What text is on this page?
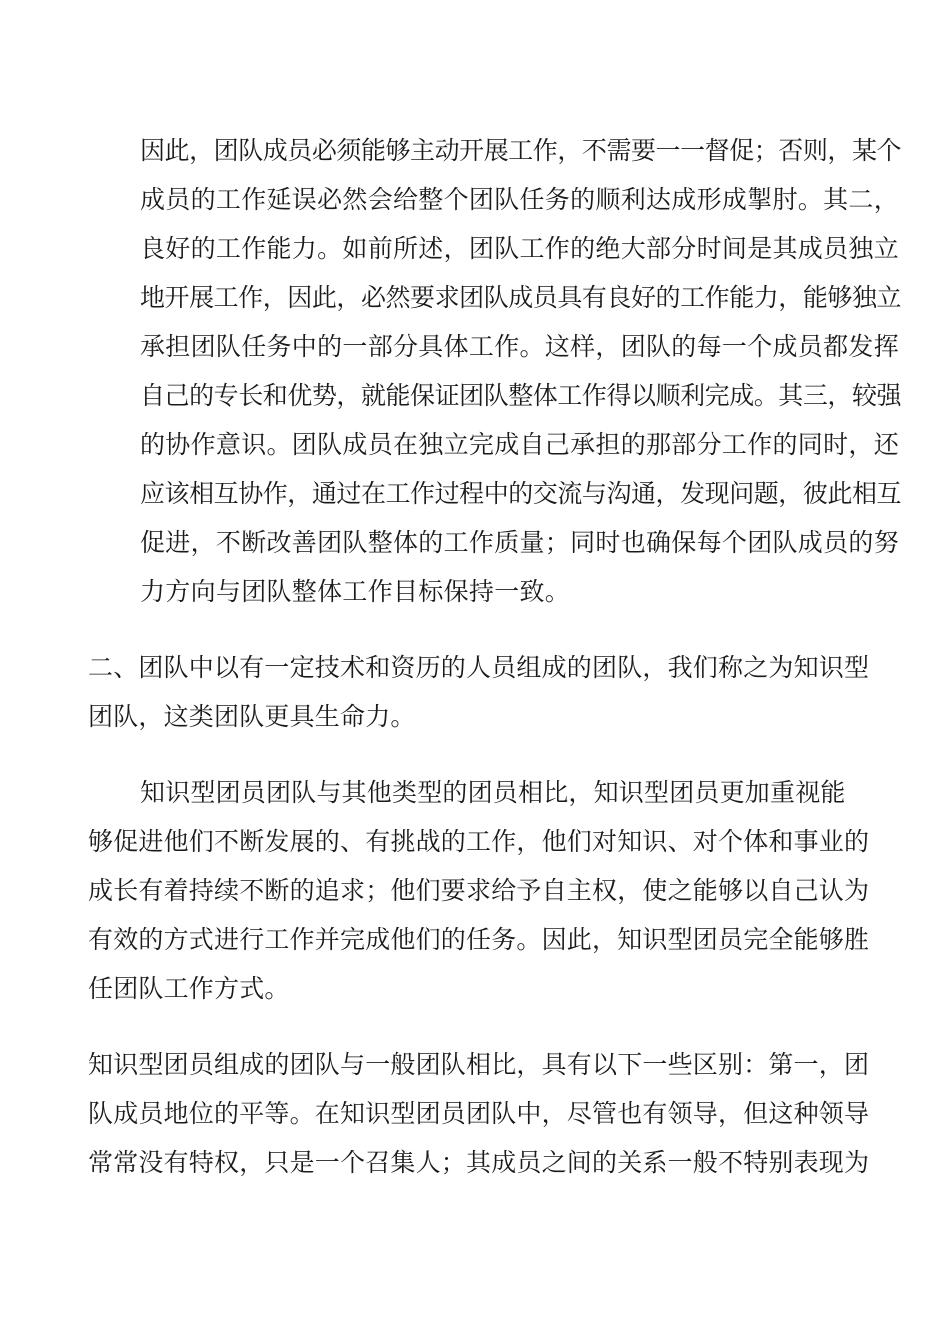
因此，团队成员必须能够主动开展工作，不需要一一督促；否则，某个
成员的工作延误必然会给整个团队任务的顺利达成形成掣肘。其二，
良好的工作能力。如前所述，团队工作的绝大部分时间是其成员独立
地开展工作，因此，必然要求团队成员具有良好的工作能力，能够独立
承担团队任务中的一部分具体工作。这样，团队的每一个成员都发挥
自己的专长和优势，就能保证团队整体工作得以顺利完成。其三，较强
的协作意识。团队成员在独立完成自己承担的那部分工作的同时，还
应该相互协作，通过在工作过程中的交流与沟通，发现问题，彼此相互
促进，不断改善团队整体的工作质量；同时也确保每个团队成员的努
力方向与团队整体工作目标保持一致。
二、团队中以有一定技术和资历的人员组成的团队，我们称之为知识型
团队，这类团队更具生命力。
知识型团员团队与其他类型的团员相比，知识型团员更加重视能
够促进他们不断发展的、有挑战的工作，他们对知识、对个体和事业的
成长有着持续不断的追求；他们要求给予自主权，使之能够以自己认为
有效的方式进行工作并完成他们的任务。因此，知识型团员完全能够胜
任团队工作方式。
知识型团员组成的团队与一般团队相比，具有以下一些区别：第一，团
队成员地位的平等。在知识型团员团队中，尽管也有领导，但这种领导
常常没有特权，只是一个召集人；其成员之间的关系一般不特别表现为
